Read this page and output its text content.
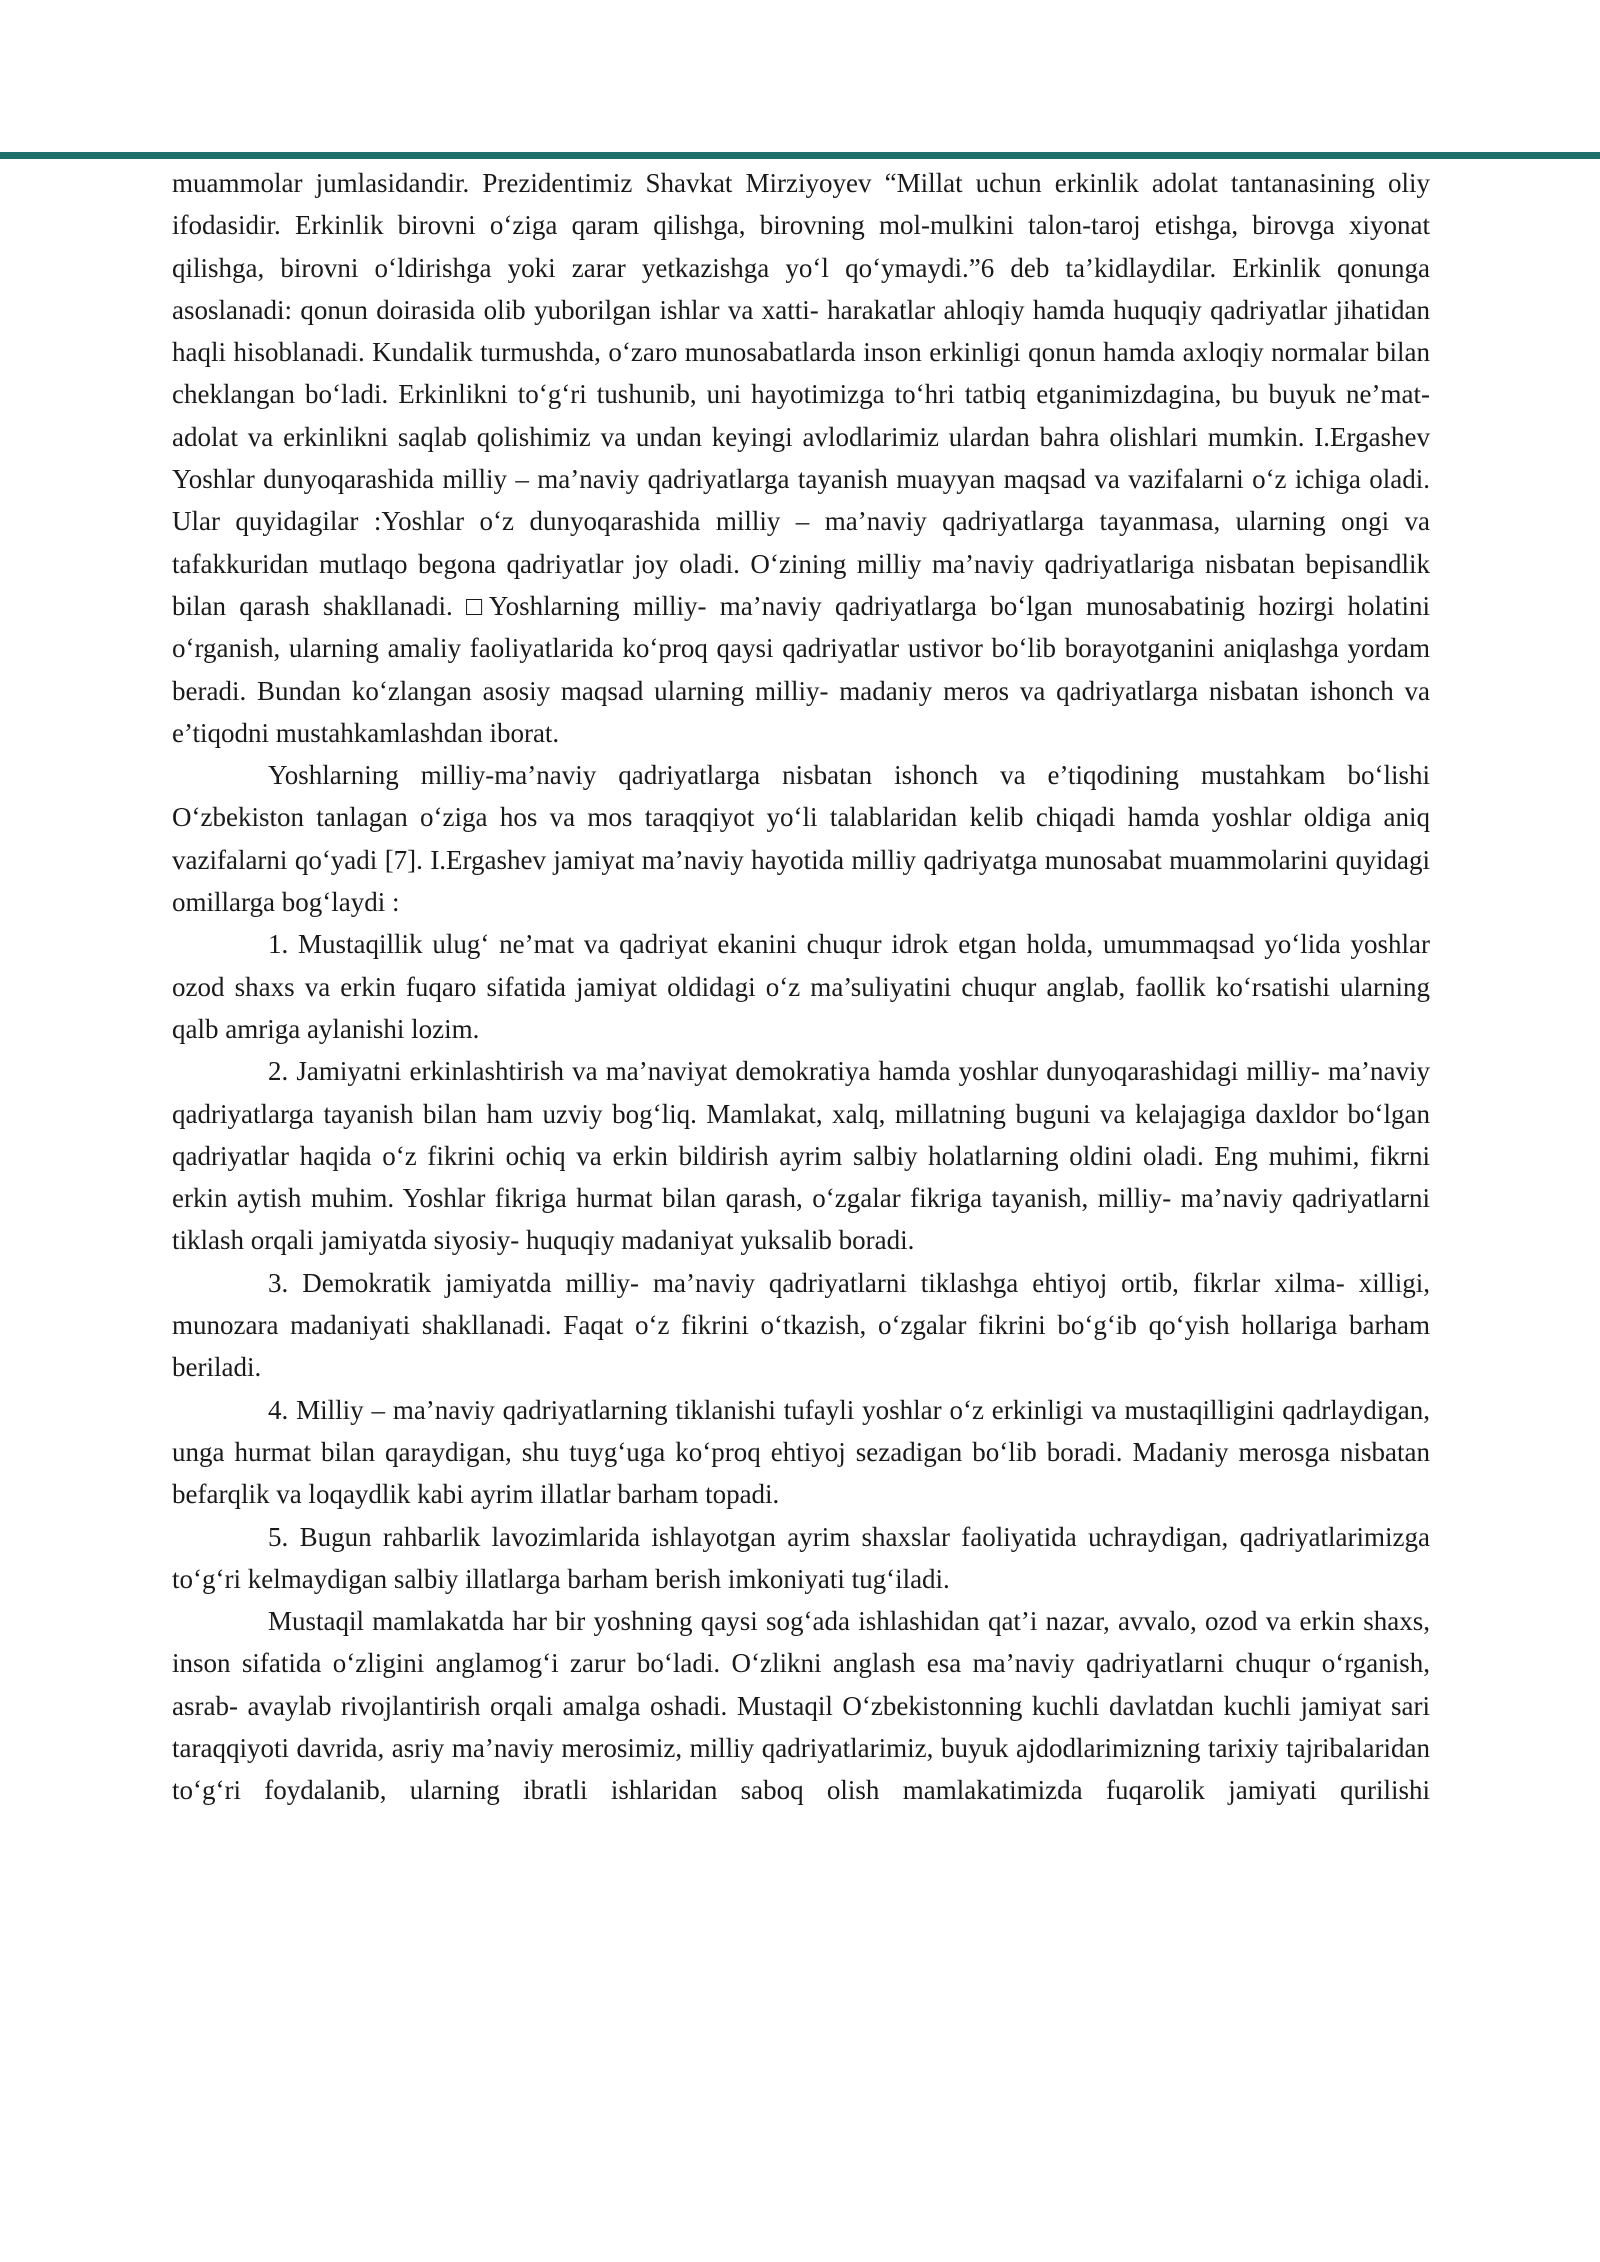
muammolar jumlasidandir. Prezidentimiz Shavkat Mirziyoyev “Millat uchun erkinlik adolat tantanasining oliy ifodasidir. Erkinlik birovni o‘ziga qaram qilishga, birovning mol-mulkini talon-taroj etishga, birovga xiyonat qilishga, birovni o‘ldirishga yoki zarar yetkazishga yo‘l qo‘ymaydi.”6 deb ta’kidlaydilar. Erkinlik qonunga asoslanadi: qonun doirasida olib yuborilgan ishlar va xatti- harakatlar ahloqiy hamda huquqiy qadriyatlar jihatidan haqli hisoblanadi. Kundalik turmushda, o‘zaro munosabatlarda inson erkinligi qonun hamda axloqiy normalar bilan cheklangan bo‘ladi. Erkinlikni to‘g‘ri tushunib, uni hayotimizga to‘hri tatbiq etganimizdagina, bu buyuk ne’mat-adolat va erkinlikni saqlab qolishimiz va undan keyingi avlodlarimiz ulardan bahra olishlari mumkin. I.Ergashev Yoshlar dunyoqarashida milliy – ma’naviy qadriyatlarga tayanish muayyan maqsad va vazifalarni o‘z ichiga oladi. Ular quyidagilar :Yoshlar o‘z dunyoqarashida milliy – ma’naviy qadriyatlarga tayanmasa, ularning ongi va tafakkuridan mutlaqo begona qadriyatlar joy oladi. O‘zining milliy ma’naviy qadriyatlariga nisbatan bepisandlik bilan qarash shakllanadi. □Yoshlarning milliy- ma’naviy qadriyatlarga bo‘lgan munosabatinig hozirgi holatini o‘rganish, ularning amaliy faoliyatlarida ko‘proq qaysi qadriyatlar ustivor bo‘lib borayotganini aniqlashga yordam beradi. Bundan ko‘zlangan asosiy maqsad ularning milliy- madaniy meros va qadriyatlarga nisbatan ishonch va e’tiqodni mustahkamlashdan iborat.

Yoshlarning milliy-ma’naviy qadriyatlarga nisbatan ishonch va e’tiqodining mustahkam bo‘lishi O‘zbekiston tanlagan o‘ziga hos va mos taraqqiyot yo‘li talablaridan kelib chiqadi hamda yoshlar oldiga aniq vazifalarni qo‘yadi [7]. I.Ergashev jamiyat ma’naviy hayotida milliy qadriyatga munosabat muammolarini quyidagi omillarga bog‘laydi :

1. Mustaqillik ulug‘ ne’mat va qadriyat ekanini chuqur idrok etgan holda, umummaqsad yo‘lida yoshlar ozod shaxs va erkin fuqaro sifatida jamiyat oldidagi o‘z ma’suliyatini chuqur anglab, faollik ko‘rsatishi ularning qalb amriga aylanishi lozim.

2. Jamiyatni erkinlashtirish va ma’naviyat demokratiya hamda yoshlar dunyoqarashidagi milliy- ma’naviy qadriyatlarga tayanish bilan ham uzviy bog‘liq. Mamlakat, xalq, millatning buguni va kelajagiga daxldor bo‘lgan qadriyatlar haqida o‘z fikrini ochiq va erkin bildirish ayrim salbiy holatlarning oldini oladi. Eng muhimi, fikrni erkin aytish muhim. Yoshlar fikriga hurmat bilan qarash, o‘zgalar fikriga tayanish, milliy- ma’naviy qadriyatlarni tiklash orqali jamiyatda siyosiy- huquqiy madaniyat yuksalib boradi.

3. Demokratik jamiyatda milliy- ma’naviy qadriyatlarni tiklashga ehtiyoj ortib, fikrlar xilma- xilligi, munozara madaniyati shakllanadi. Faqat o‘z fikrini o‘tkazish, o‘zgalar fikrini bo‘g‘ib qo‘yish hollariga barham beriladi.

4. Milliy – ma’naviy qadriyatlarning tiklanishi tufayli yoshlar o‘z erkinligi va mustaqilligini qadrlaydigan, unga hurmat bilan qaraydigan, shu tuyg‘uga ko‘proq ehtiyoj sezadigan bo‘lib boradi. Madaniy merosga nisbatan befarqlik va loqaydlik kabi ayrim illatlar barham topadi.

5. Bugun rahbarlik lavozimlarida ishlayotgan ayrim shaxslar faoliyatida uchraydigan, qadriyatlarimizga to‘g‘ri kelmaydigan salbiy illatlarga barham berish imkoniyati tug‘iladi.

Mustaqil mamlakatda har bir yoshning qaysi sog‘ada ishlashidan qat’i nazar, avvalo, ozod va erkin shaxs, inson sifatida o‘zligini anglamog‘i zarur bo‘ladi. O‘zlikni anglash esa ma’naviy qadriyatlarni chuqur o‘rganish, asrab- avaylab rivojlantirish orqali amalga oshadi. Mustaqil O‘zbekistonning kuchli davlatdan kuchli jamiyat sari taraqqiyoti davrida, asriy ma’naviy merosimiz, milliy qadriyatlarimiz, buyuk ajdodlarimizning tarixiy tajribalaridan to‘g‘ri foydalanib, ularning ibratli ishlaridan saboq olish mamlakatimizda fuqarolik jamiyati qurilishi
